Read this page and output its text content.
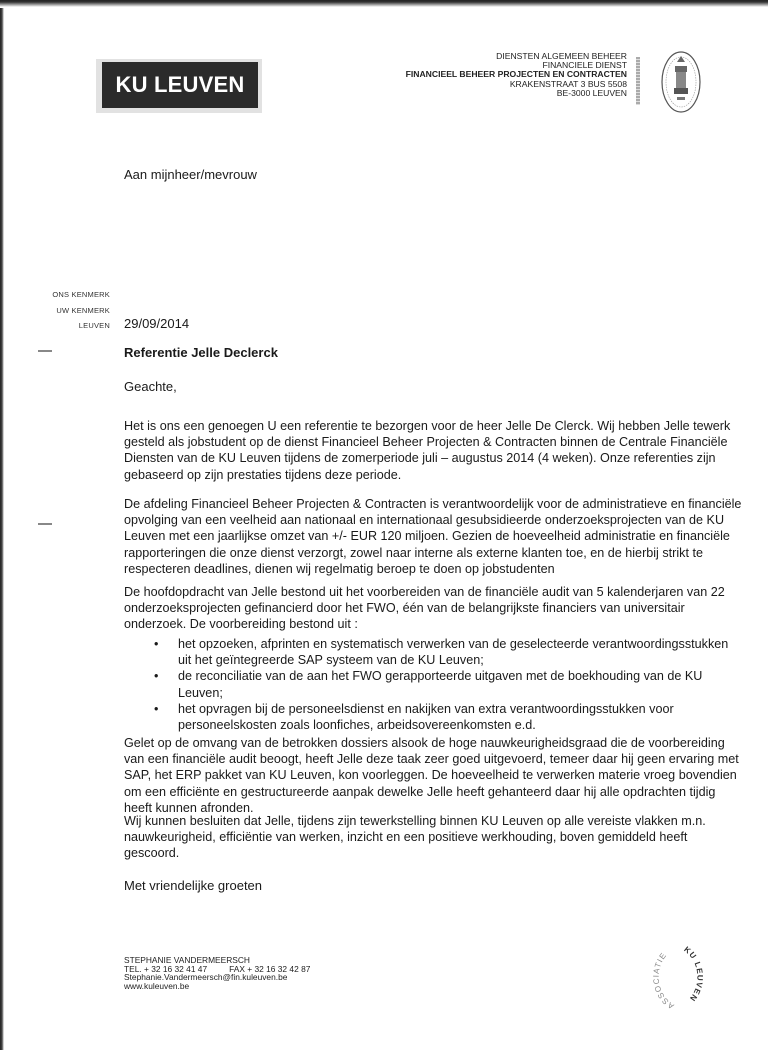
KU LEUVEN
DIENSTEN ALGEMEEN BEHEER
FINANCIELE DIENST
FINANCIEEL BEHEER PROJECTEN EN CONTRACTEN
KRAKENSTRAAT 3 BUS 5508
BE-3000 LEUVEN
Aan mijnheer/mevrouw
ONS KENMERK
UW KENMERK
LEUVEN 29/09/2014
Referentie Jelle Declerck
Geachte,
Het is ons een genoegen U een referentie te bezorgen voor de heer Jelle De Clerck. Wij hebben Jelle tewerk gesteld als jobstudent op de dienst Financieel Beheer Projecten & Contracten binnen de Centrale Financiële Diensten van de KU Leuven tijdens de zomerperiode juli – augustus 2014 (4 weken). Onze referenties zijn gebaseerd op zijn prestaties tijdens deze periode.
De afdeling Financieel Beheer Projecten & Contracten is verantwoordelijk voor de administratieve en financiële opvolging van een veelheid aan nationaal en internationaal gesubsidieerde onderzoeksprojecten van de KU Leuven met een jaarlijkse omzet van +/- EUR 120 miljoen. Gezien de hoeveelheid administratie en financiële rapporteringen die onze dienst verzorgt, zowel naar interne als externe klanten toe, en de hierbij strikt te respecteren deadlines, dienen wij regelmatig beroep te doen op jobstudenten
De hoofdopdracht van Jelle bestond uit het voorbereiden van de financiële audit van 5 kalenderjaren van 22 onderzoeksprojecten gefinancierd door het FWO, één van de belangrijkste financiers van universitair onderzoek. De voorbereiding bestond uit :
• het opzoeken, afprinten en systematisch verwerken van de geselecteerde verantwoordingsstukken uit het geïntegreerde SAP systeem van de KU Leuven;
• de reconciliatie van de aan het FWO gerapporteerde uitgaven met de boekhouding van de KU Leuven;
• het opvragen bij de personeelsdienst en nakijken van extra verantwoordingsstukken voor personeelskosten zoals loonfiches, arbeidsovereenkomsten e.d.
Gelet op de omvang van de betrokken dossiers alsook de hoge nauwkeurigheidsgraad die de voorbereiding van een financiële audit beoogt, heeft Jelle deze taak zeer goed uitgevoerd, temeer daar hij geen ervaring met SAP, het ERP pakket van KU Leuven, kon voorleggen. De hoeveelheid te verwerken materie vroeg bovendien om een efficiënte en gestructureerde aanpak dewelke Jelle heeft gehanteerd daar hij alle opdrachten tijdig heeft kunnen afronden.
Wij kunnen besluiten dat Jelle, tijdens zijn tewerkstelling binnen KU Leuven op alle vereiste vlakken m.n. nauwkeurigheid, efficiëntie van werken, inzicht en een positieve werkhouding, boven gemiddeld heeft gescoord.
Met vriendelijke groeten
STEPHANIE VANDERMEERSCH
TEL. + 32 16 32 41 47	FAX + 32 16 32 42 87
Stephanie.Vandermeersch@fin.kuleuven.be
www.kuleuven.be
ASSOCIATIE	KU LEUVEN
